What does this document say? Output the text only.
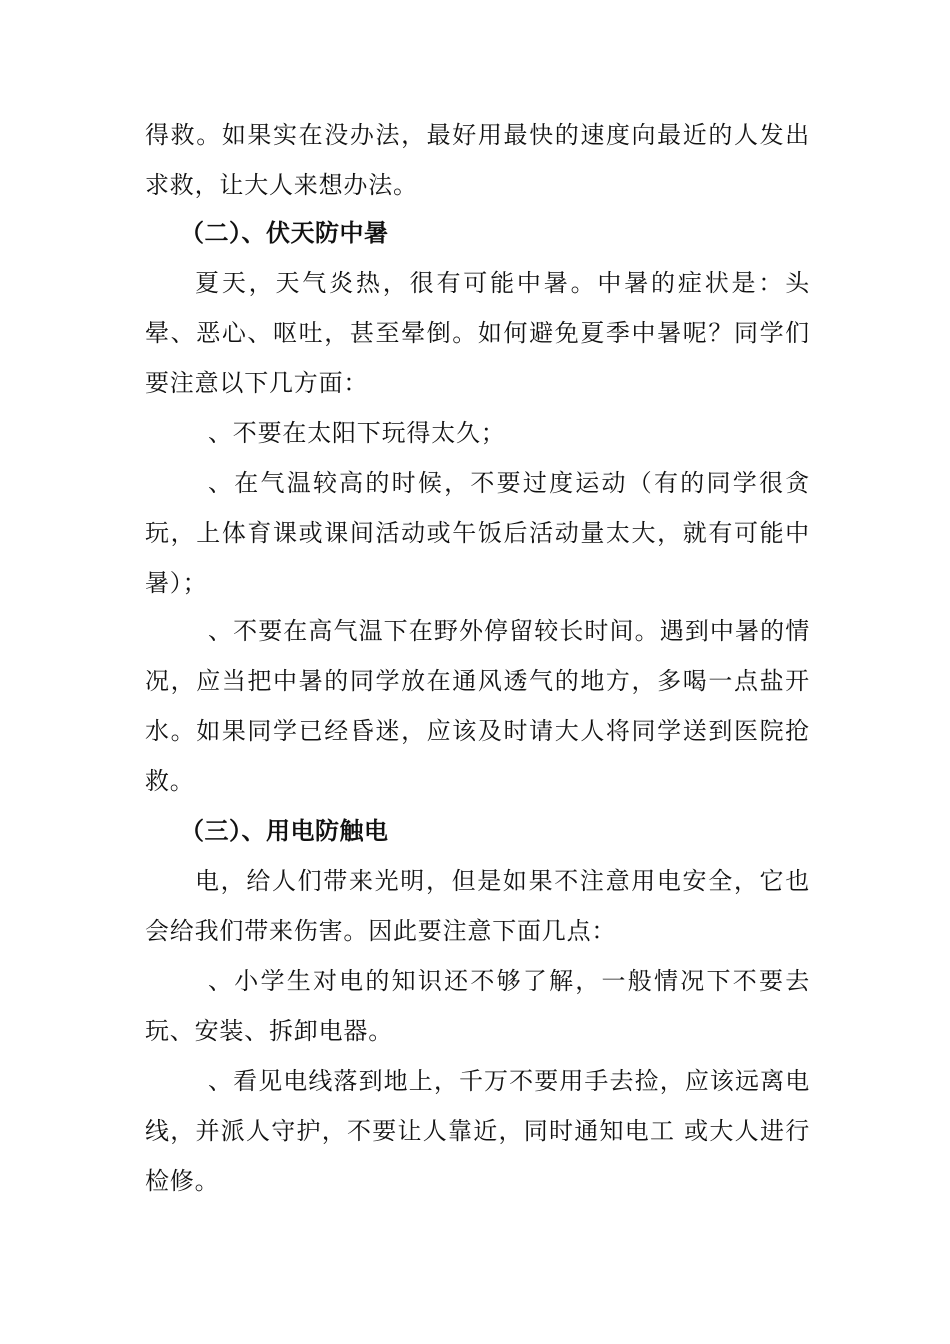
得救。如果实在没办法，最好用最快的速度向最近的人发出求救，让大人来想办法。

（二）、伏天防中暑

夏天，天气炎热，很有可能中暑。中暑的症状是：头晕、恶心、呕吐，甚至晕倒。如何避免夏季中暑呢？同学们要注意以下几方面：

、不要在太阳下玩得太久；

、在气温较高的时候，不要过度运动（有的同学很贪玩，上体育课或课间活动或午饭后活动量太大，就有可能中暑）；

、不要在高气温下在野外停留较长时间。遇到中暑的情况，应当把中暑的同学放在通风透气的地方，多喝一点盐开水。如果同学已经昏迷，应该及时请大人将同学送到医院抢救。

（三）、用电防触电

电，给人们带来光明，但是如果不注意用电安全，它也会给我们带来伤害。因此要注意下面几点：

、小学生对电的知识还不够了解，一般情况下不要去玩、安装、拆卸电器。

、看见电线落到地上，千万不要用手去捡，应该远离电线，并派人守护，不要让人靠近，同时通知电工 或大人进行检修。
